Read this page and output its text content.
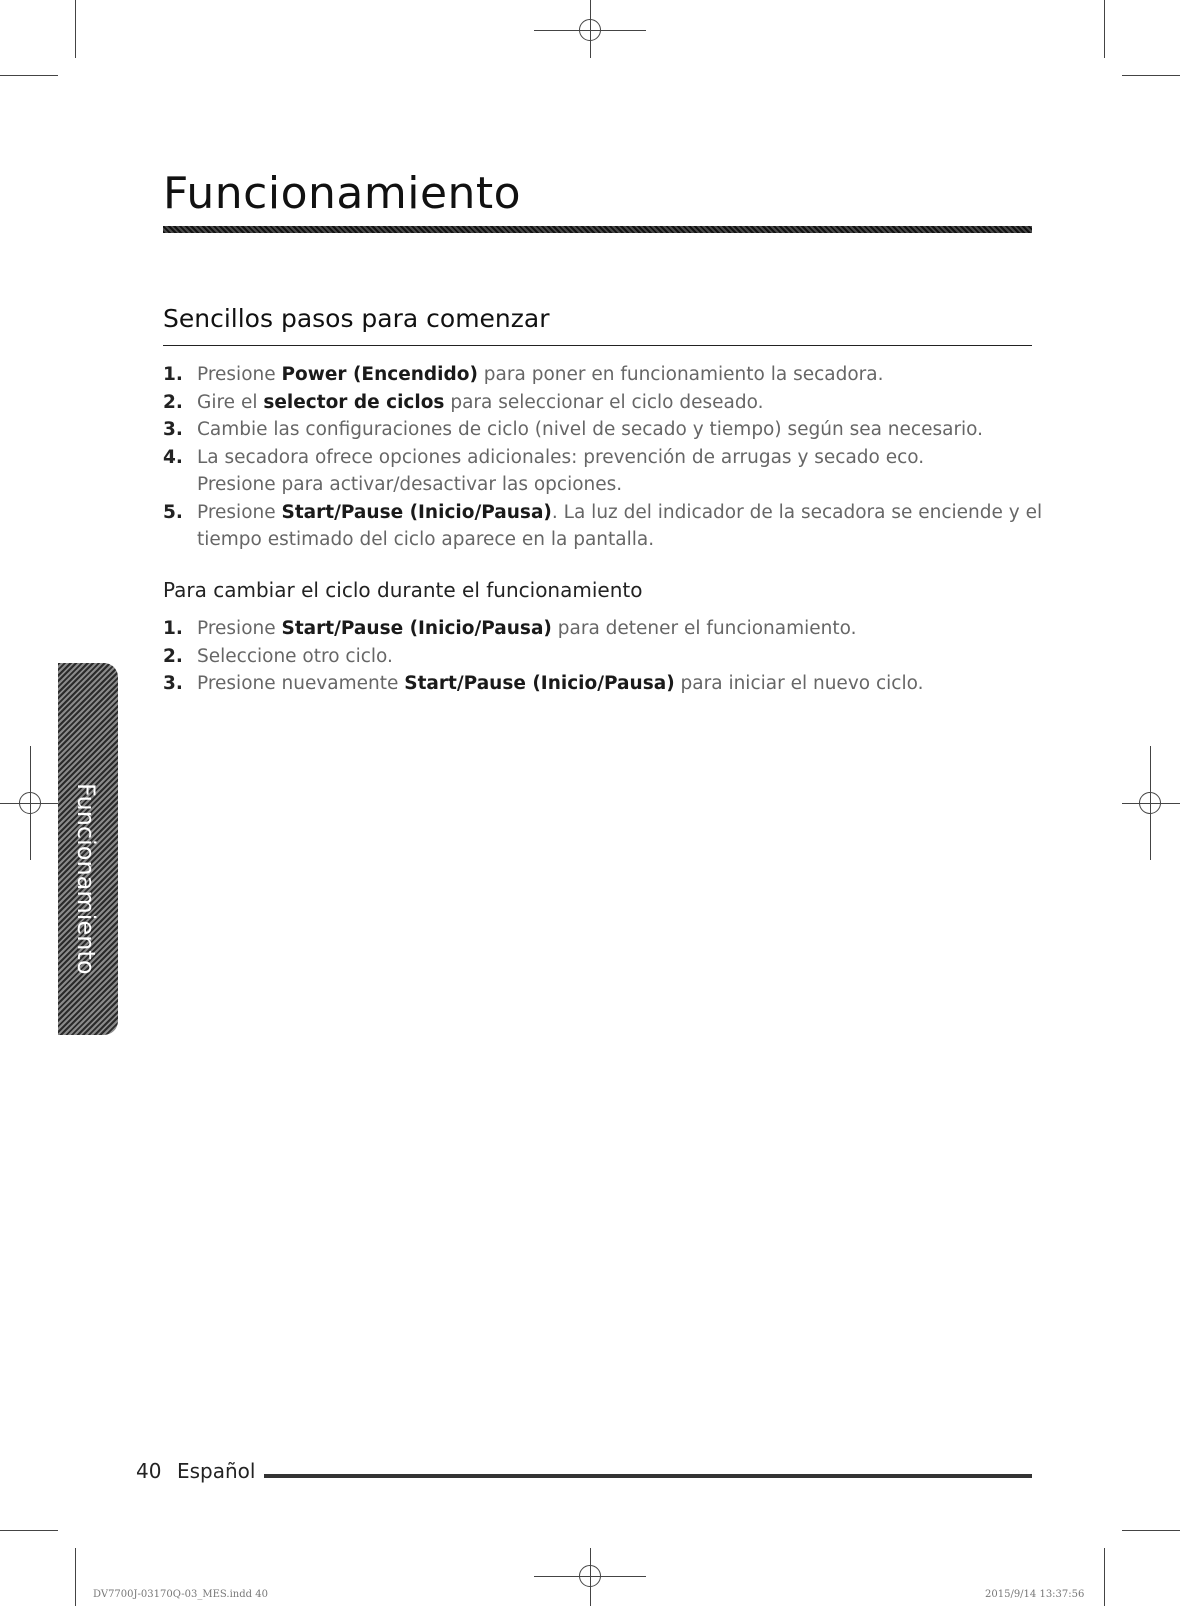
Funcionamiento
Sencillos pasos para comenzar
1. Presione Power (Encendido) para poner en funcionamiento la secadora.
2. Gire el selector de ciclos para seleccionar el ciclo deseado.
3. Cambie las configuraciones de ciclo (nivel de secado y tiempo) según sea necesario.
4. La secadora ofrece opciones adicionales: prevención de arrugas y secado eco.
Presione para activar/desactivar las opciones.
5. Presione Start/Pause (Inicio/Pausa). La luz del indicador de la secadora se enciende y el
tiempo estimado del ciclo aparece en la pantalla.
Para cambiar el ciclo durante el funcionamiento
1. Presione Start/Pause (Inicio/Pausa) para detener el funcionamiento.
2. Seleccione otro ciclo.
3. Presione nuevamente Start/Pause (Inicio/Pausa) para iniciar el nuevo ciclo.
Funcionamiento
40 Español
DV7700J-03170Q-03_MES.indd 40	2015/9/14 13:37:56
